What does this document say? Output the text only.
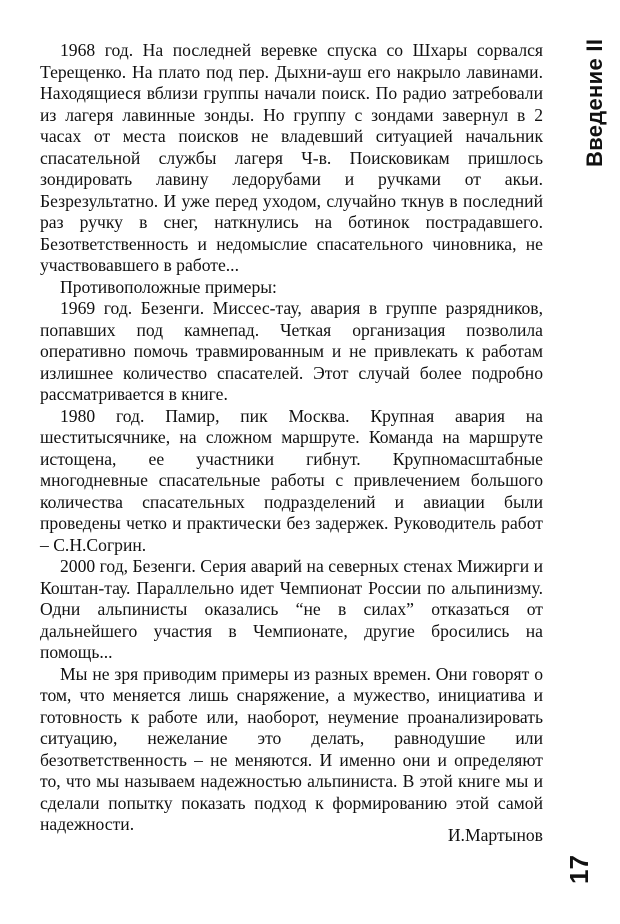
Введение II

1968 год. На последней веревке спуска со Шхары сорвался Терещенко. На плато под пер. Дыхни-ауш его накрыло лавинами. Находящиеся вблизи группы начали поиск. По радио затребовали из лагеря лавинные зонды. Но группу с зондами завернул в 2 часах от места поисков не владевший ситуацией начальник спасательной службы лагеря Ч-в. Поисковикам пришлось зондировать лавину ледорубами и ручками от акьи. Безрезультатно. И уже перед уходом, случайно ткнув в последний раз ручку в снег, наткнулись на ботинок пострадавшего. Безответственность и недомыслие спасательного чиновника, не участвовавшего в работе...

Противоположные примеры:

1969 год. Безенги. Миссес-тау, авария в группе разрядников, попавших под камнепад. Четкая организация позволила оперативно помочь травмированным и не привлекать к работам излишнее количество спасателей. Этот случай более подробно рассматривается в книге.

1980 год. Памир, пик Москва. Крупная авария на шеститысячнике, на сложном маршруте. Команда на маршруте истощена, ее участники гибнут. Крупномасштабные многодневные спасательные работы с привлечением большого количества спасательных подразделений и авиации были проведены четко и практически без задержек. Руководитель работ – С.Н.Согрин.

2000 год, Безенги. Серия аварий на северных стенах Мижирги и Коштан-тау. Параллельно идет Чемпионат России по альпинизму. Одни альпинисты оказались “не в силах” отказаться от дальнейшего участия в Чемпионате, другие бросились на помощь...

Мы не зря приводим примеры из разных времен. Они говорят о том, что меняется лишь снаряжение, а мужество, инициатива и готовность к работе или, наоборот, неумение проанализировать ситуацию, нежелание это делать, равнодушие или безответственность – не меняются. И именно они и определяют то, что мы называем надежностью альпиниста. В этой книге мы и сделали попытку показать подход к формированию этой самой надежности.

И.Мартынов

17
